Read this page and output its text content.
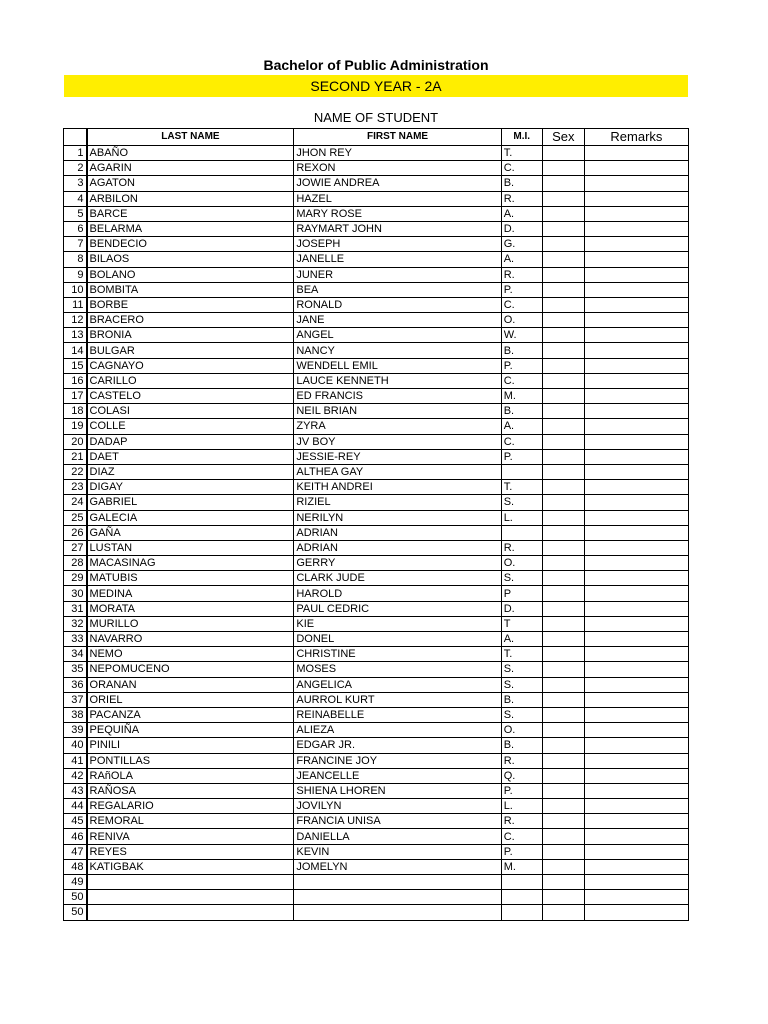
Bachelor of Public Administration
SECOND YEAR - 2A
NAME OF STUDENT
	LAST NAME	FIRST NAME	M.I.	Sex	Remarks
1	ABAÑO	JHON REY	T.		
2	AGARIN	REXON	C.		
3	AGATON	JOWIE ANDREA	B.		
4	ARBILON	HAZEL	R.		
5	BARCE	MARY ROSE	A.		
6	BELARMA	RAYMART JOHN	D.		
7	BENDECIO	JOSEPH	G.		
8	BILAOS	JANELLE	A.		
9	BOLANO	JUNER	R.		
10	BOMBITA	BEA	P.		
11	BORBE	RONALD	C.		
12	BRACERO	JANE	O.		
13	BRONIA	ANGEL	W.		
14	BULGAR	NANCY	B.		
15	CAGNAYO	WENDELL EMIL	P.		
16	CARILLO	LAUCE KENNETH	C.		
17	CASTELO	ED FRANCIS	M.		
18	COLASI	NEIL BRIAN	B.		
19	COLLE	ZYRA	A.		
20	DADAP	JV BOY	C.		
21	DAET	JESSIE-REY	P.		
22	DIAZ	ALTHEA GAY			
23	DIGAY	KEITH ANDREI	T.		
24	GABRIEL	RIZIEL	S.		
25	GALECIA	NERILYN	L.		
26	GAÑA	ADRIAN			
27	LUSTAN	ADRIAN	R.		
28	MACASINAG	GERRY	O.		
29	MATUBIS	CLARK JUDE	S.		
30	MEDINA	HAROLD	P		
31	MORATA	PAUL CEDRIC	D.		
32	MURILLO	KIE	T		
33	NAVARRO	DONEL	A.		
34	NEMO	CHRISTINE	T.		
35	NEPOMUCENO	MOSES	S.		
36	ORANAN	ANGELICA	S.		
37	ORIEL	AURROL KURT	B.		
38	PACANZA	REINABELLE	S.		
39	PEQUIÑA	ALIEZA	O.		
40	PINILI	EDGAR JR.	B.		
41	PONTILLAS	FRANCINE JOY	R.		
42	RAñOLA	JEANCELLE	Q.		
43	RAÑOSA	SHIENA LHOREN	P.		
44	REGALARIO	JOVILYN	L.		
45	REMORAL	FRANCIA UNISA	R.		
46	RENIVA	DANIELLA	C.		
47	REYES	KEVIN	P.		
48	KATIGBAK	JOMELYN	M.		
49					
50					
50					
